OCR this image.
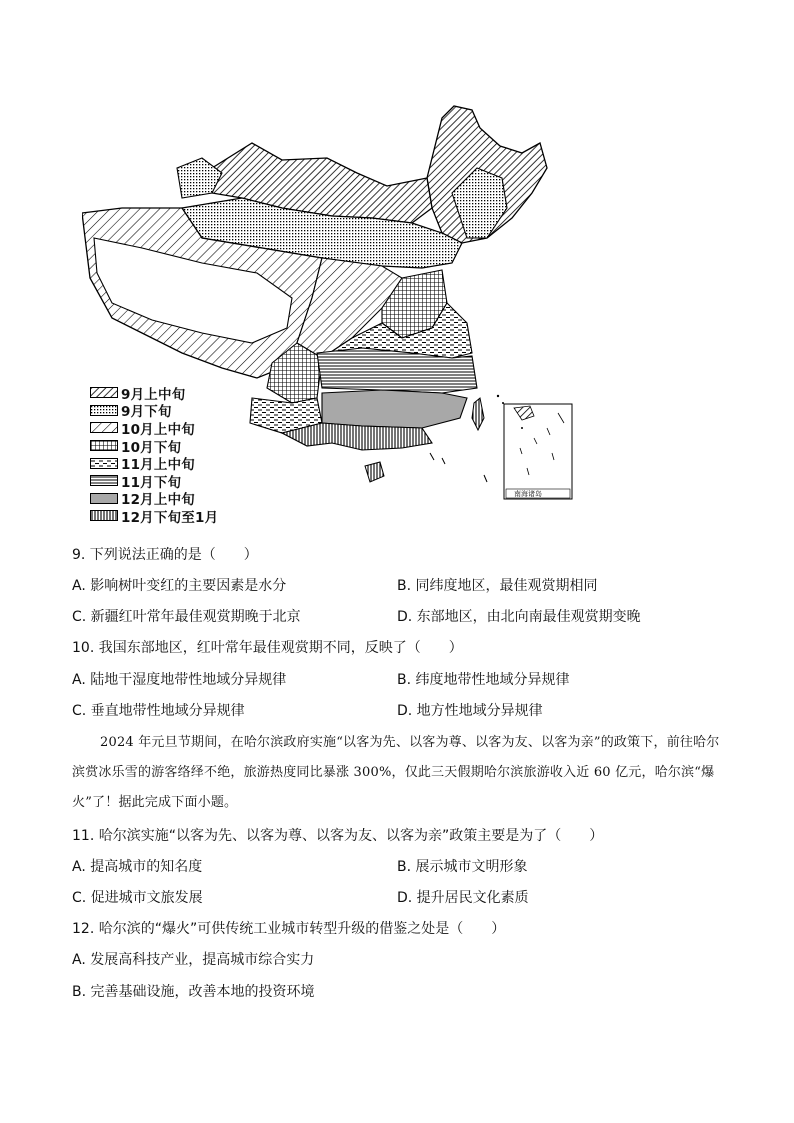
南海诸岛
9月上中旬
9月下旬
10月上中旬
10月下旬
11月上中旬
11月下旬
12月上中旬
12月下旬至1月
9. 下列说法正确的是（　　）
A. 影响树叶变红的主要因素是水分	B. 同纬度地区，最佳观赏期相同
C. 新疆红叶常年最佳观赏期晚于北京	D. 东部地区，由北向南最佳观赏期变晚
10. 我国东部地区，红叶常年最佳观赏期不同，反映了（　　）
A. 陆地干湿度地带性地域分异规律	B. 纬度地带性地域分异规律
C. 垂直地带性地域分异规律	D. 地方性地域分异规律
2024 年元旦节期间，在哈尔滨政府实施“以客为先、以客为尊、以客为友、以客为亲”的政策下，前往哈尔滨赏冰乐雪的游客络绎不绝，旅游热度同比暴涨 300%，仅此三天假期哈尔滨旅游收入近 60 亿元，哈尔滨“爆火”了！据此完成下面小题。
11. 哈尔滨实施“以客为先、以客为尊、以客为友、以客为亲”政策主要是为了（　　）
A. 提高城市的知名度	B. 展示城市文明形象
C. 促进城市文旅发展	D. 提升居民文化素质
12. 哈尔滨的“爆火”可供传统工业城市转型升级的借鉴之处是（　　）
A. 发展高科技产业，提高城市综合实力
B. 完善基础设施，改善本地的投资环境
